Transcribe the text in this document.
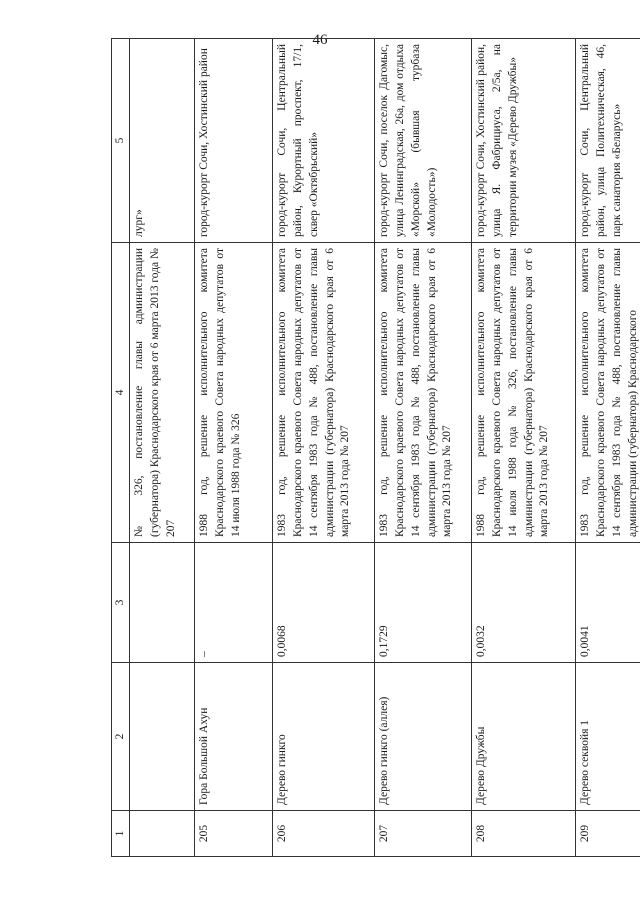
46
1	2	3	4	5
			№ 326, постановление главы администрации (губернатора) Краснодарского края от 6 марта 2013 года № 207	лург»
205	Гора Большой Ахун	–	1988 год, решение исполнительного комитета Краснодарского краевого Совета народных депутатов от 14 июля 1988 года № 326	город-курорт Сочи, Хостинский район
206	Дерево гинкго	0,0068	1983 год, решение исполнительного комитета Краснодарского краевого Совета народных депутатов от 14 сентября 1983 года № 488, постановление главы администрации (губернатора) Краснодарского края от 6 марта 2013 года № 207	город-курорт Сочи, Центральный район, Курортный проспект, 17/1, сквер «Октябрьский»
207	Дерево гинкго (аллея)	0,1729	1983 год, решение исполнительного комитета Краснодарского краевого Совета народных депутатов от 14 сентября 1983 года № 488, постановление главы администрации (губернатора) Краснодарского края от 6 марта 2013 года № 207	город-курорт Сочи, поселок Дагомыс, улица Ленинградская, 26а, дом отдыха «Морской» (бывшая турбаза «Молодость»)
208	Дерево Дружбы	0,0032	1988 год, решение исполнительного комитета Краснодарского краевого Совета народных депутатов от 14 июля 1988 года № 326, постановление главы администрации (губернатора) Краснодарского края от 6 марта 2013 года № 207	город-курорт Сочи, Хостинский район, улица Я. Фабрициуса, 2/5а, на территории музея «Дерево Дружбы»
209	Дерево секвойя 1	0,0041	1983 год, решение исполнительного комитета Краснодарского краевого Совета народных депутатов от 14 сентября 1983 года № 488, постановление главы администрации (губернатора) Краснодарского	город-курорт Сочи, Центральный район, улица Политехническая, 46, парк санатория «Беларусь»
